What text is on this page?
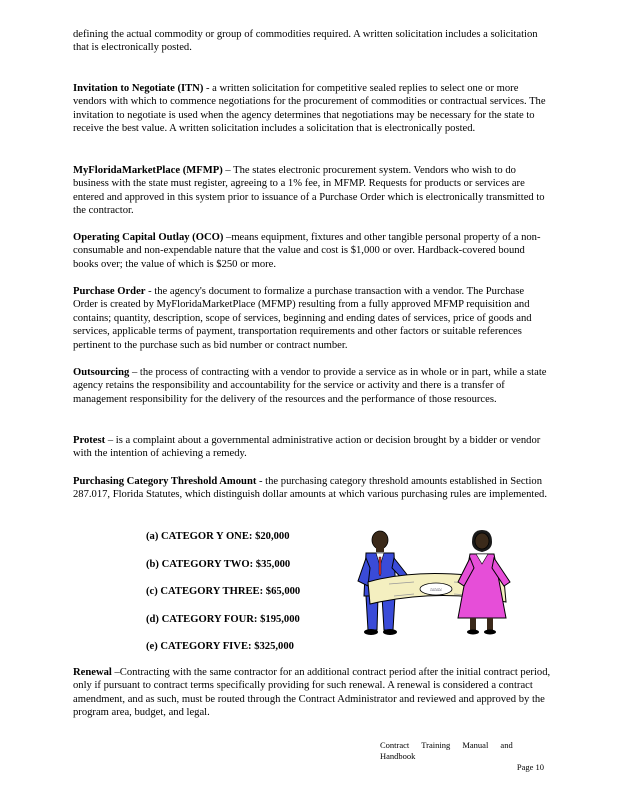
defining the actual commodity or group of commodities required. A written solicitation includes a solicitation that is electronically posted.

Invitation to Negotiate (ITN) - a written solicitation for competitive sealed replies to select one or more vendors with which to commence negotiations for the procurement of commodities or contractual services. The invitation to negotiate is used when the agency determines that negotiations may be necessary for the state to receive the best value. A written solicitation includes a solicitation that is electronically posted.

MyFloridaMarketPlace (MFMP) – The states electronic procurement system. Vendors who wish to do business with the state must register, agreeing to a 1% fee, in MFMP. Requests for products or services are entered and approved in this system prior to issuance of a Purchase Order which is electronically transmitted to the contractor.

Operating Capital Outlay (OCO) –means equipment, fixtures and other tangible personal property of a non-consumable and non-expendable nature that the value and cost is $1,000 or over. Hardback-covered bound books over; the value of which is $250 or more.

Purchase Order - the agency's document to formalize a purchase transaction with a vendor. The Purchase Order is created by MyFloridaMarketPlace (MFMP) resulting from a fully approved MFMP requisition and contains; quantity, description, scope of services, beginning and ending dates of services, price of goods and services, applicable terms of payment, transportation requirements and other factors or suitable references pertinent to the purchase such as bid number or contract number.

Outsourcing – the process of contracting with a vendor to provide a service as in whole or in part, while a state agency retains the responsibility and accountability for the service or activity and there is a transfer of management responsibility for the delivery of the resources and the performance of those resources.

Protest – is a complaint about a governmental administrative action or decision brought by a bidder or vendor with the intention of achieving a remedy.

Purchasing Category Threshold Amount - the purchasing category threshold amounts established in Section 287.017, Florida Statutes, which distinguish dollar amounts at which various purchasing rules are implemented.

(a) CATEGOR Y ONE: $20,000
(b) CATEGORY TWO: $35,000
(c) CATEGORY THREE: $65,000
(d) CATEGORY FOUR: $195,000
(e) CATEGORY FIVE: $325,000
≈≈≈

Renewal –Contracting with the same contractor for an additional contract period after the initial contract period, only if pursuant to contract terms specifically providing for such renewal. A renewal is considered a contract amendment, and as such, must be routed through the Contract Administrator and reviewed and approved by the program area, budget, and legal.

Contract Training Manual and Handbook
Page 10
